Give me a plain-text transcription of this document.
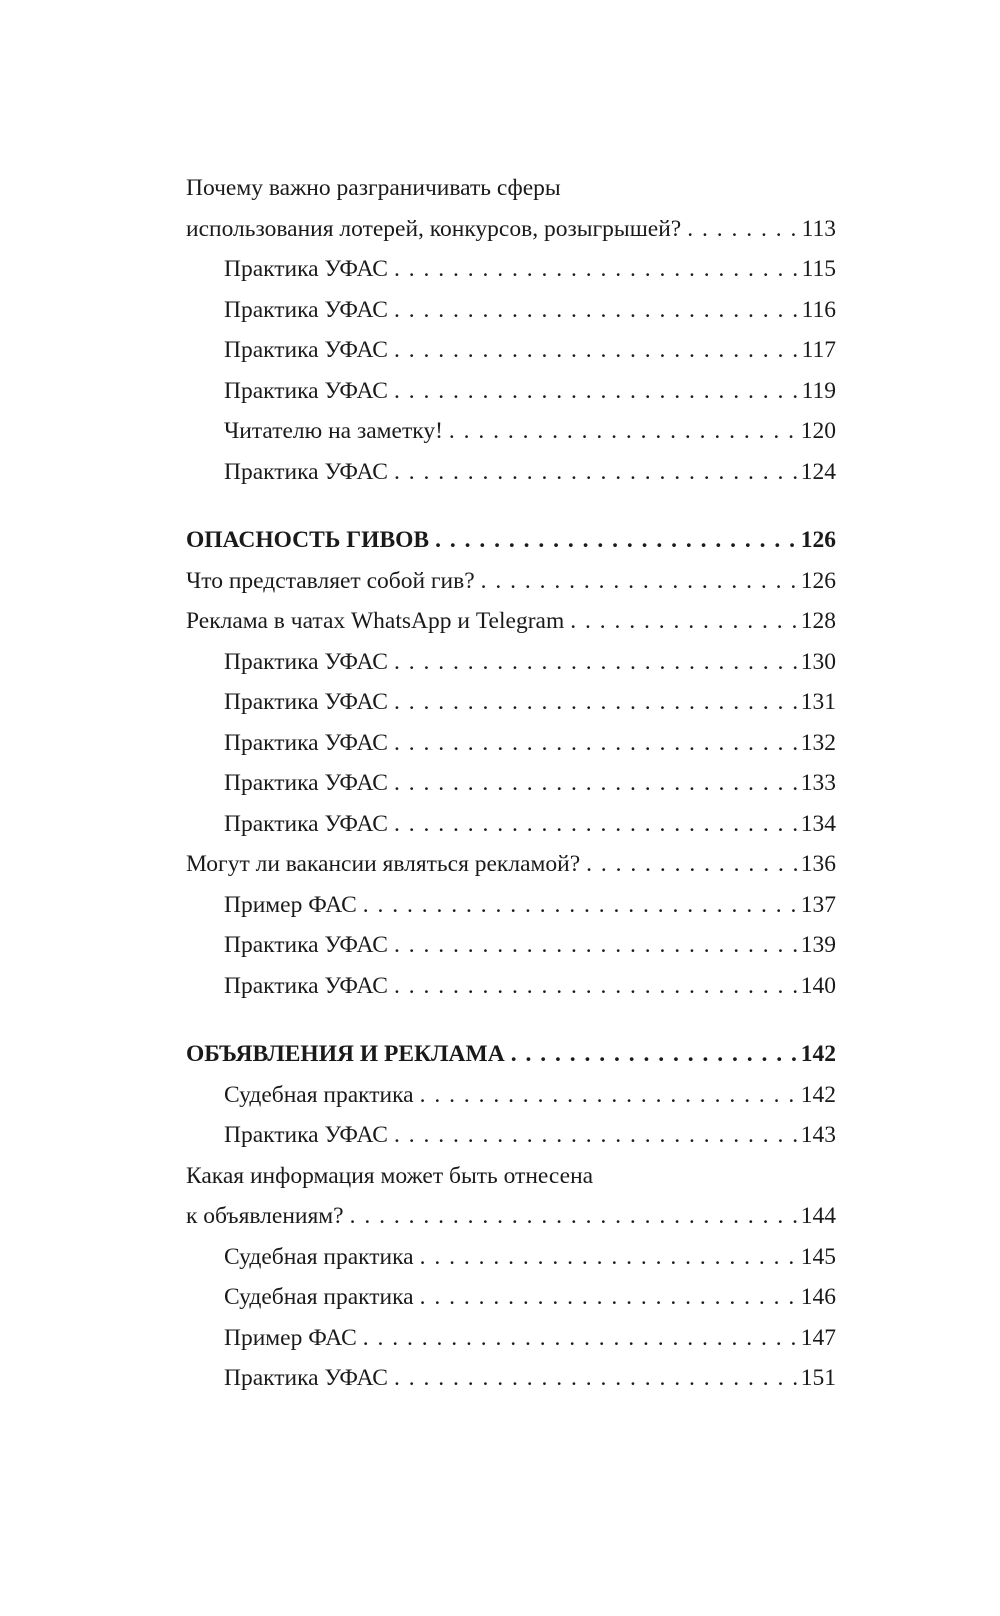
Почему важно разграничивать сферы
использования лотерей, конкурсов, розыгрышей? . . .	113
Практика УФАС . . .	115
Практика УФАС . . .	116
Практика УФАС . . .	117
Практика УФАС . . .	119
Читателю на заметку! . . .	120
Практика УФАС . . .	124
ОПАСНОСТЬ ГИВОВ . . .	126
Что представляет собой гив? . . .	126
Реклама в чатах WhatsApp и Telegram . . .	128
Практика УФАС . . .	130
Практика УФАС . . .	131
Практика УФАС . . .	132
Практика УФАС . . .	133
Практика УФАС . . .	134
Могут ли вакансии являться рекламой? . . .	136
Пример ФАС . . .	137
Практика УФАС . . .	139
Практика УФАС . . .	140
ОБЪЯВЛЕНИЯ И РЕКЛАМА . . .	142
Судебная практика . . .	142
Практика УФАС . . .	143
Какая информация может быть отнесена
к объявлениям? . . .	144
Судебная практика . . .	145
Судебная практика . . .	146
Пример ФАС . . .	147
Практика УФАС . . .	151
